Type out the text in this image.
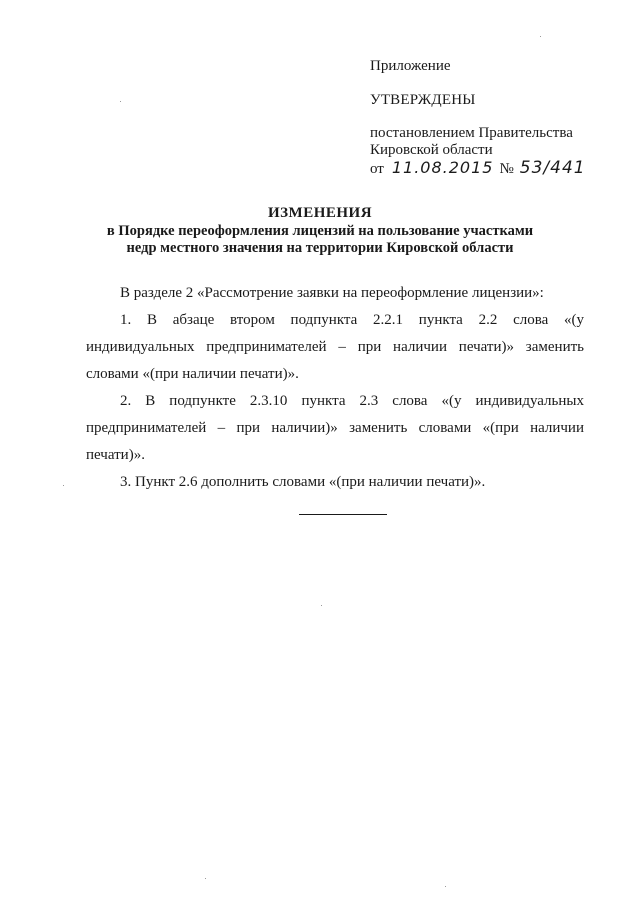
Приложение
УТВЕРЖДЕНЫ
постановлением Правительства
Кировской области
от 11.08.2015 № 53/441
ИЗМЕНЕНИЯ
в Порядке переоформления лицензий на пользование участками
недр местного значения на территории Кировской области

В разделе 2 «Рассмотрение заявки на переоформление лицензии»:

1. В абзаце втором подпункта 2.2.1 пункта 2.2 слова «(у индивидуальных предпринимателей – при наличии печати)» заменить словами «(при наличии печати)».

2. В подпункте 2.3.10 пункта 2.3 слова «(у индивидуальных предпринимателей – при наличии)» заменить словами «(при наличии печати)».

3. Пункт 2.6 дополнить словами «(при наличии печати)».
